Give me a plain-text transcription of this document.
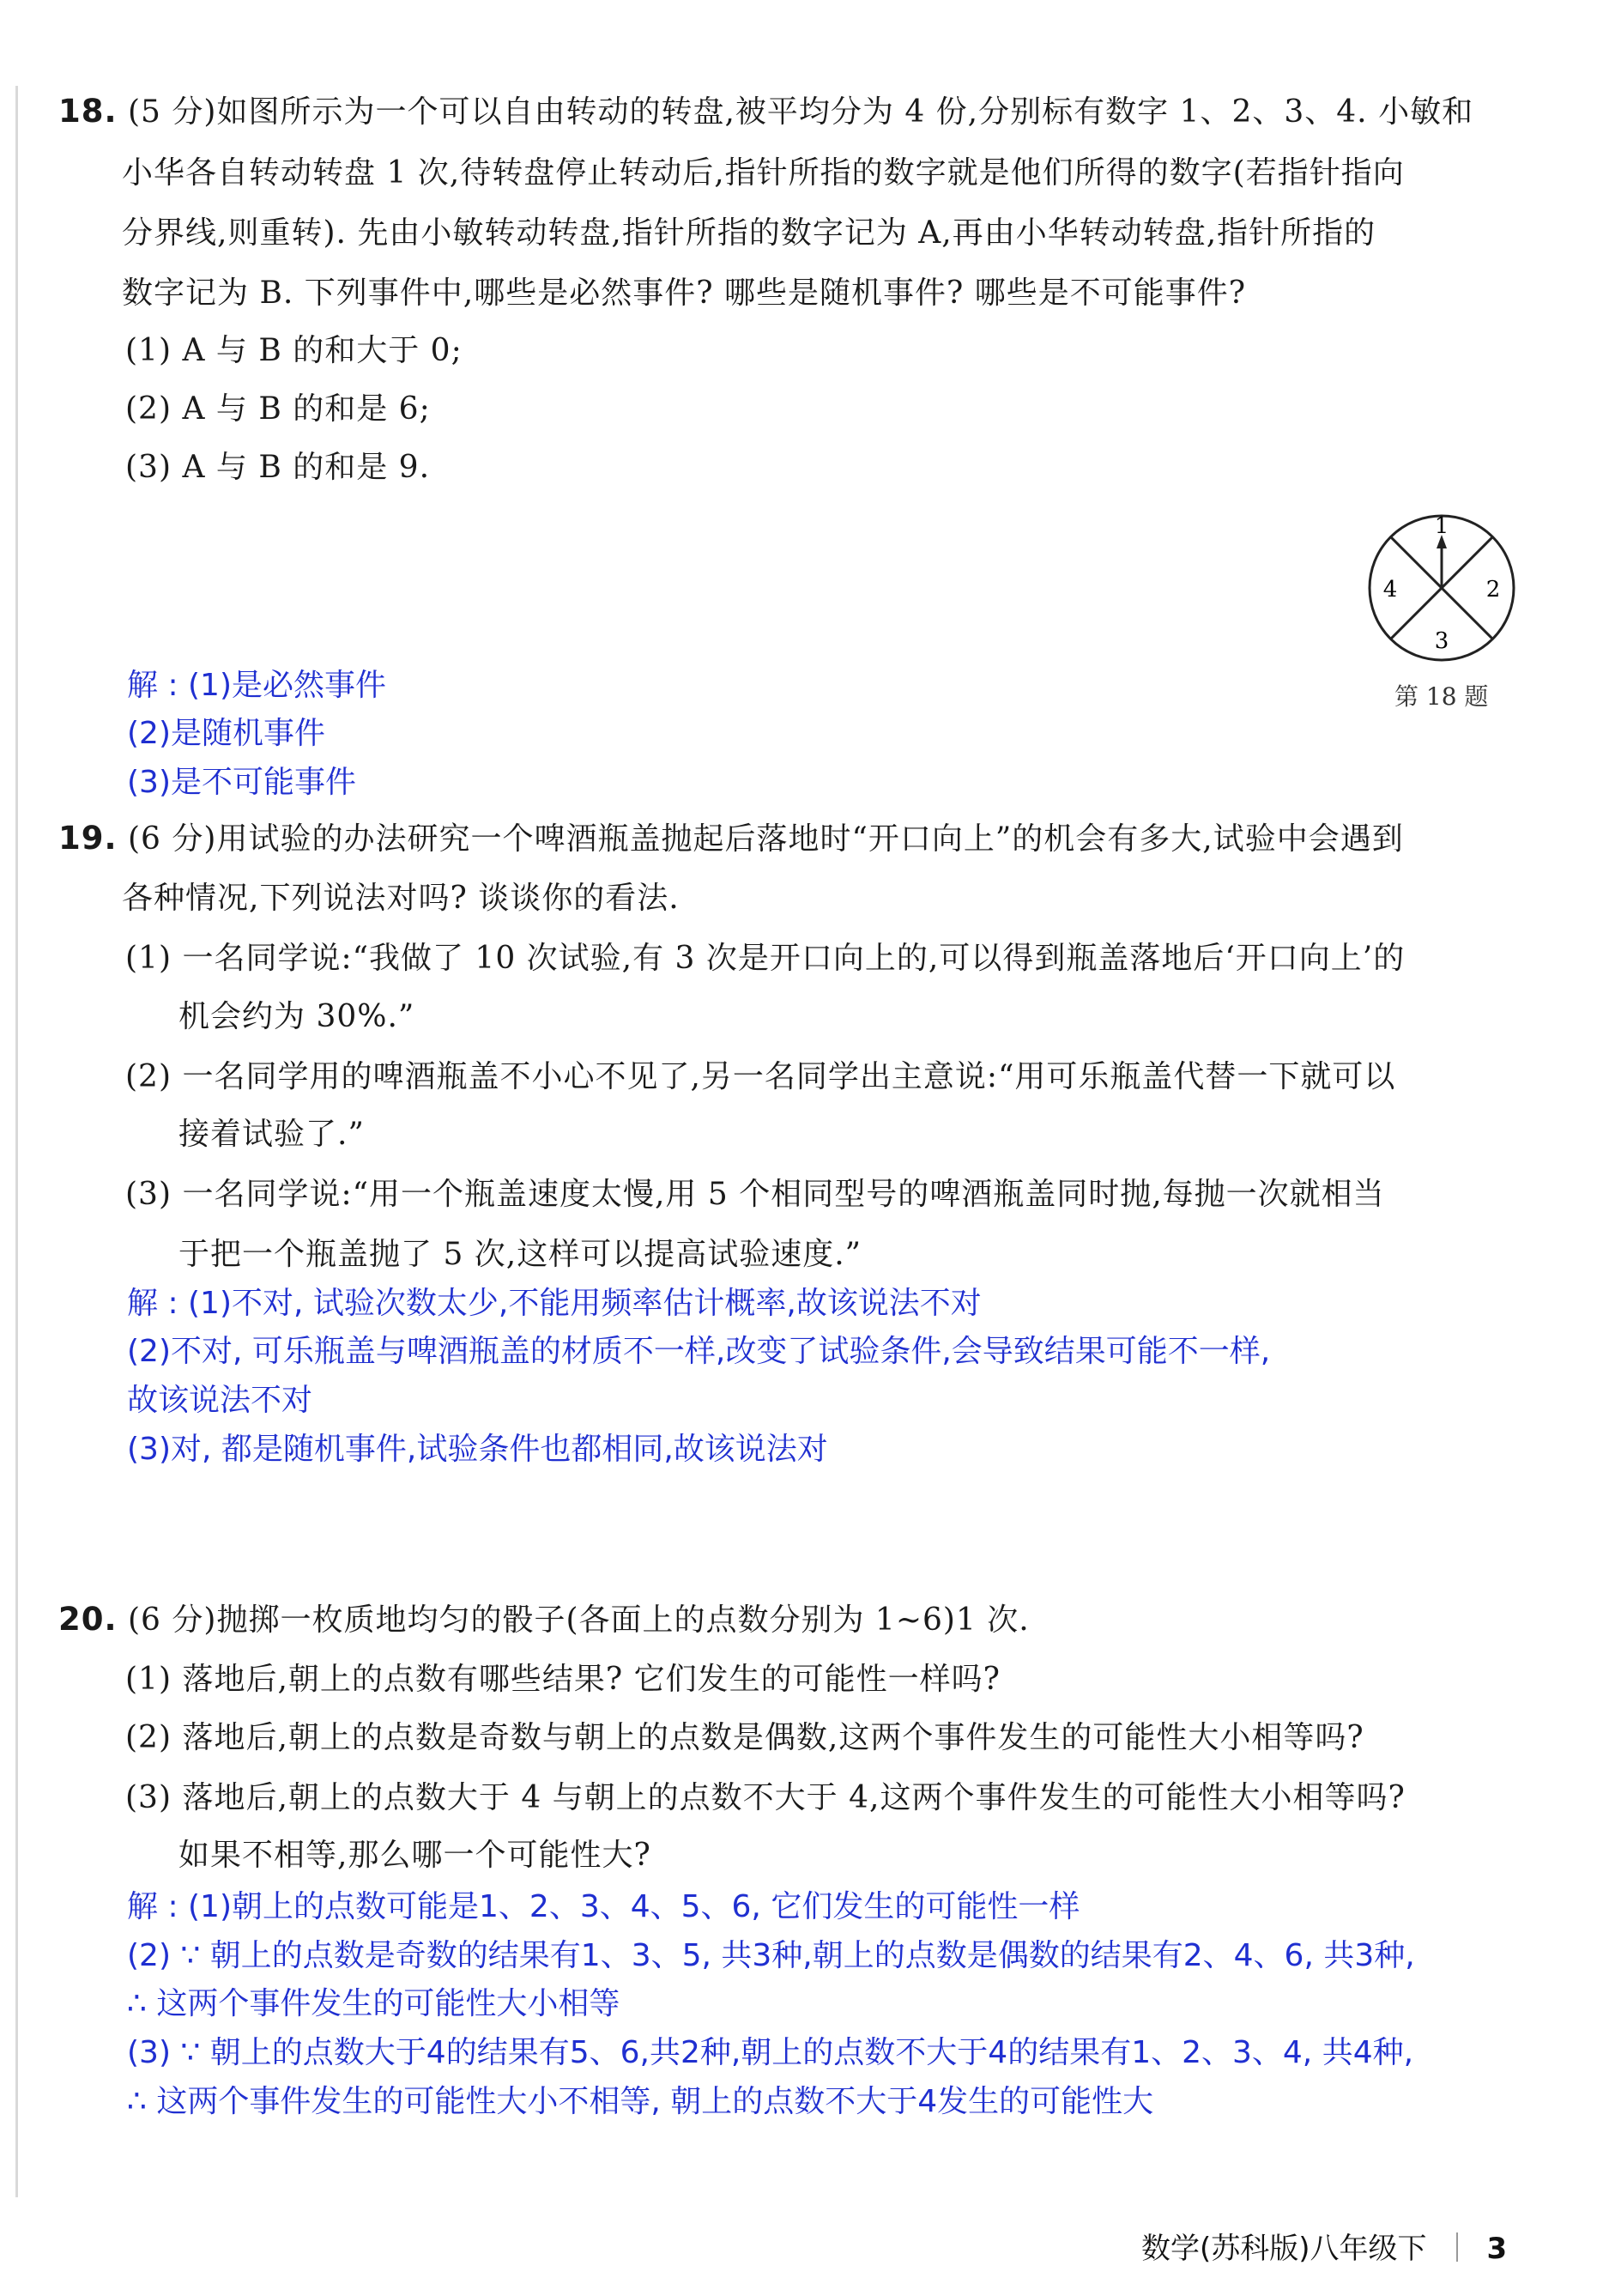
18. (5 分)如图所示为一个可以自由转动的转盘,被平均分为 4 份,分别标有数字 1、2、3、4. 小敏和
小华各自转动转盘 1 次,待转盘停止转动后,指针所指的数字就是他们所得的数字(若指针指向
分界线,则重转). 先由小敏转动转盘,指针所指的数字记为 A,再由小华转动转盘,指针所指的
数字记为 B. 下列事件中,哪些是必然事件? 哪些是随机事件? 哪些是不可能事件?
(1) A 与 B 的和大于 0;
(2) A 与 B 的和是 6;
(3) A 与 B 的和是 9.
1
2
3
4
第 18 题
解 : (1)是必然事件
(2)是随机事件
(3)是不可能事件
19. (6 分)用试验的办法研究一个啤酒瓶盖抛起后落地时“开口向上”的机会有多大,试验中会遇到
各种情况,下列说法对吗? 谈谈你的看法.
(1) 一名同学说:“我做了 10 次试验,有 3 次是开口向上的,可以得到瓶盖落地后‘开口向上’的
机会约为 30%.”
(2) 一名同学用的啤酒瓶盖不小心不见了,另一名同学出主意说:“用可乐瓶盖代替一下就可以
接着试验了.”
(3) 一名同学说:“用一个瓶盖速度太慢,用 5 个相同型号的啤酒瓶盖同时抛,每抛一次就相当
于把一个瓶盖抛了 5 次,这样可以提高试验速度.”
解 : (1)不对, 试验次数太少,不能用频率估计概率,故该说法不对
(2)不对, 可乐瓶盖与啤酒瓶盖的材质不一样,改变了试验条件,会导致结果可能不一样,
故该说法不对
(3)对, 都是随机事件,试验条件也都相同,故该说法对
20. (6 分)抛掷一枚质地均匀的骰子(各面上的点数分别为 1~6)1 次.
(1) 落地后,朝上的点数有哪些结果? 它们发生的可能性一样吗?
(2) 落地后,朝上的点数是奇数与朝上的点数是偶数,这两个事件发生的可能性大小相等吗?
(3) 落地后,朝上的点数大于 4 与朝上的点数不大于 4,这两个事件发生的可能性大小相等吗?
如果不相等,那么哪一个可能性大?
解 : (1)朝上的点数可能是1、2、3、4、5、6, 它们发生的可能性一样
(2) ∵ 朝上的点数是奇数的结果有1、3、5, 共3种,朝上的点数是偶数的结果有2、4、6, 共3种,
∴ 这两个事件发生的可能性大小相等
(3) ∵ 朝上的点数大于4的结果有5、6,共2种,朝上的点数不大于4的结果有1、2、3、4, 共4种,
∴ 这两个事件发生的可能性大小不相等, 朝上的点数不大于4发生的可能性大
数学(苏科版)八年级下 3
